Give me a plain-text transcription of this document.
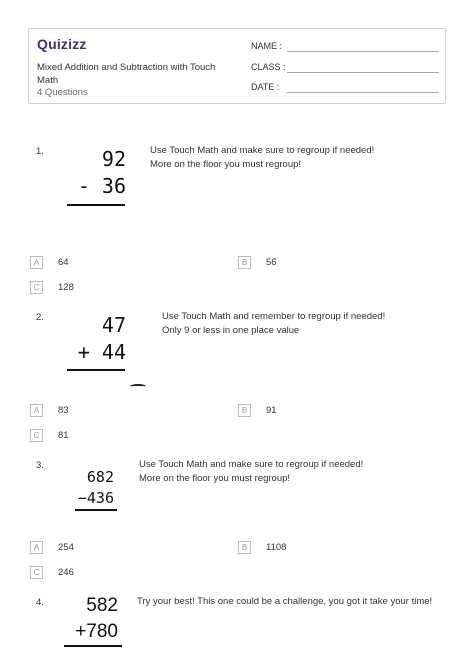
Quizizz
Mixed Addition and Subtraction with Touch Math
4 Questions
NAME :
CLASS :
DATE :
1.	92
- 36
Use Touch Math and make sure to regroup if needed!
More on the floor you must regroup!
A	64	B	56
C	128
2.	47
+ 44
Use Touch Math and remember to regroup if needed!
Only 9 or less in one place value
A	83	B	91
C	81
3.
682
−436
Use Touch Math and make sure to regroup if needed!
More on the floor you must regroup!
A	254	B	1108
C	246
4.	582
+780
Try your best! This one could be a challenge, you got it take your time!
